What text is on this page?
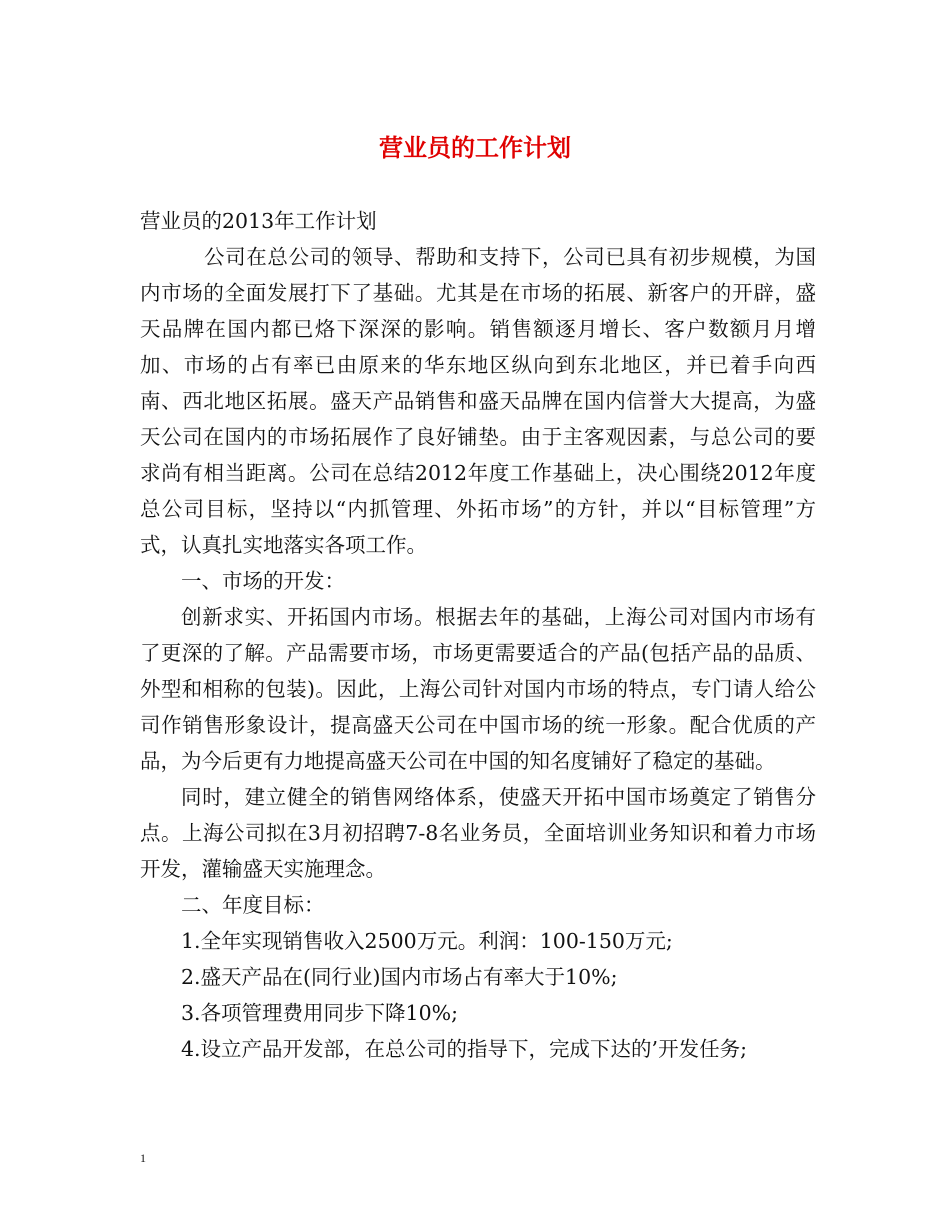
营业员的工作计划

营业员的2013年工作计划

公司在总公司的领导、帮助和支持下，公司已具有初步规模，为国内市场的全面发展打下了基础。尤其是在市场的拓展、新客户的开辟，盛天品牌在国内都已烙下深深的影响。销售额逐月增长、客户数额月月增加、市场的占有率已由原来的华东地区纵向到东北地区，并已着手向西南、西北地区拓展。盛天产品销售和盛天品牌在国内信誉大大提高，为盛天公司在国内的市场拓展作了良好铺垫。由于主客观因素，与总公司的要求尚有相当距离。公司在总结2012年度工作基础上，决心围绕2012年度总公司目标，坚持以“内抓管理、外拓市场”的方针，并以“目标管理”方式，认真扎实地落实各项工作。

一、市场的开发：

创新求实、开拓国内市场。根据去年的基础，上海公司对国内市场有了更深的了解。产品需要市场，市场更需要适合的产品(包括产品的品质、外型和相称的包装)。因此，上海公司针对国内市场的特点，专门请人给公司作销售形象设计，提高盛天公司在中国市场的统一形象。配合优质的产品，为今后更有力地提高盛天公司在中国的知名度铺好了稳定的基础。

同时，建立健全的销售网络体系，使盛天开拓中国市场奠定了销售分点。上海公司拟在3月初招聘7-8名业务员，全面培训业务知识和着力市场开发，灌输盛天实施理念。

二、年度目标：

1.全年实现销售收入2500万元。利润：100-150万元;

2.盛天产品在(同行业)国内市场占有率大于10%;

3.各项管理费用同步下降10%;

4.设立产品开发部，在总公司的指导下，完成下达的’开发任务;

1
